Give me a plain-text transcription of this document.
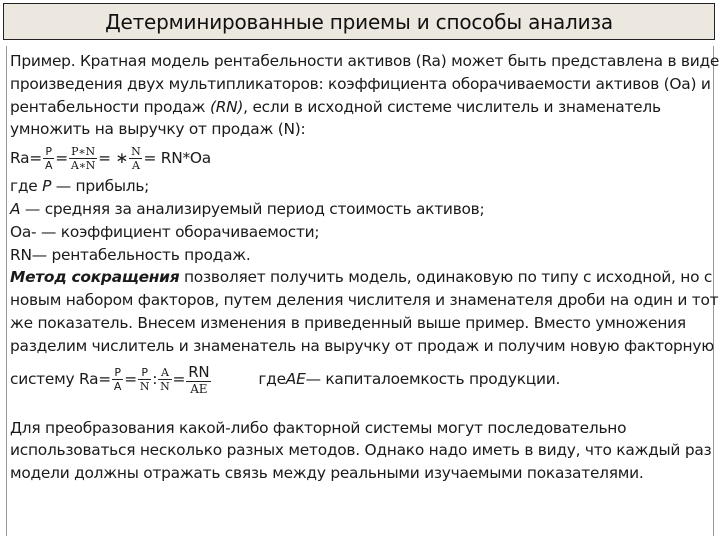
Детерминированные приемы и способы анализа
Пример. Кратная модель рентабельности активов (Ra) может быть представлена в виде
произведения двух мультипликаторов: коэффициента оборачиваемости активов (Оа) и
рентабельности продаж (RN), если в исходной системе числитель и знаменатель
умножить на выручку от продаж (N):
$Ra= \frac{P}{A} = \frac{P∗N}{A∗N}$ = ∗ $\frac{N}{A} = RN*Oa$
где P — прибыль;
A — средняя за анализируемый период стоимость активов;
Оа- — коэффициент оборачиваемости;
RN— рентабельность продаж.
Метод сокращения позволяет получить модель, одинаковую по типу с исходной, но с
новым набором факторов, путем деления числителя и знаменателя дроби на один и тот
же показатель. Внесем изменения в приведенный выше пример. Вместо умножения
разделим числитель и знаменатель на выручку от продаж и получим новую факторную
систему $Ra= \frac{P}{A} = \frac{P}{N}$ : $\frac{A}{N} = \frac{RN}{AE}$	где AE — капиталоемкость продукции.
Для преобразования какой-либо факторной системы могут последовательно
использоваться несколько разных методов. Однако надо иметь в виду, что каждый раз
модели должны отражать связь между реальными изучаемыми показателями.
